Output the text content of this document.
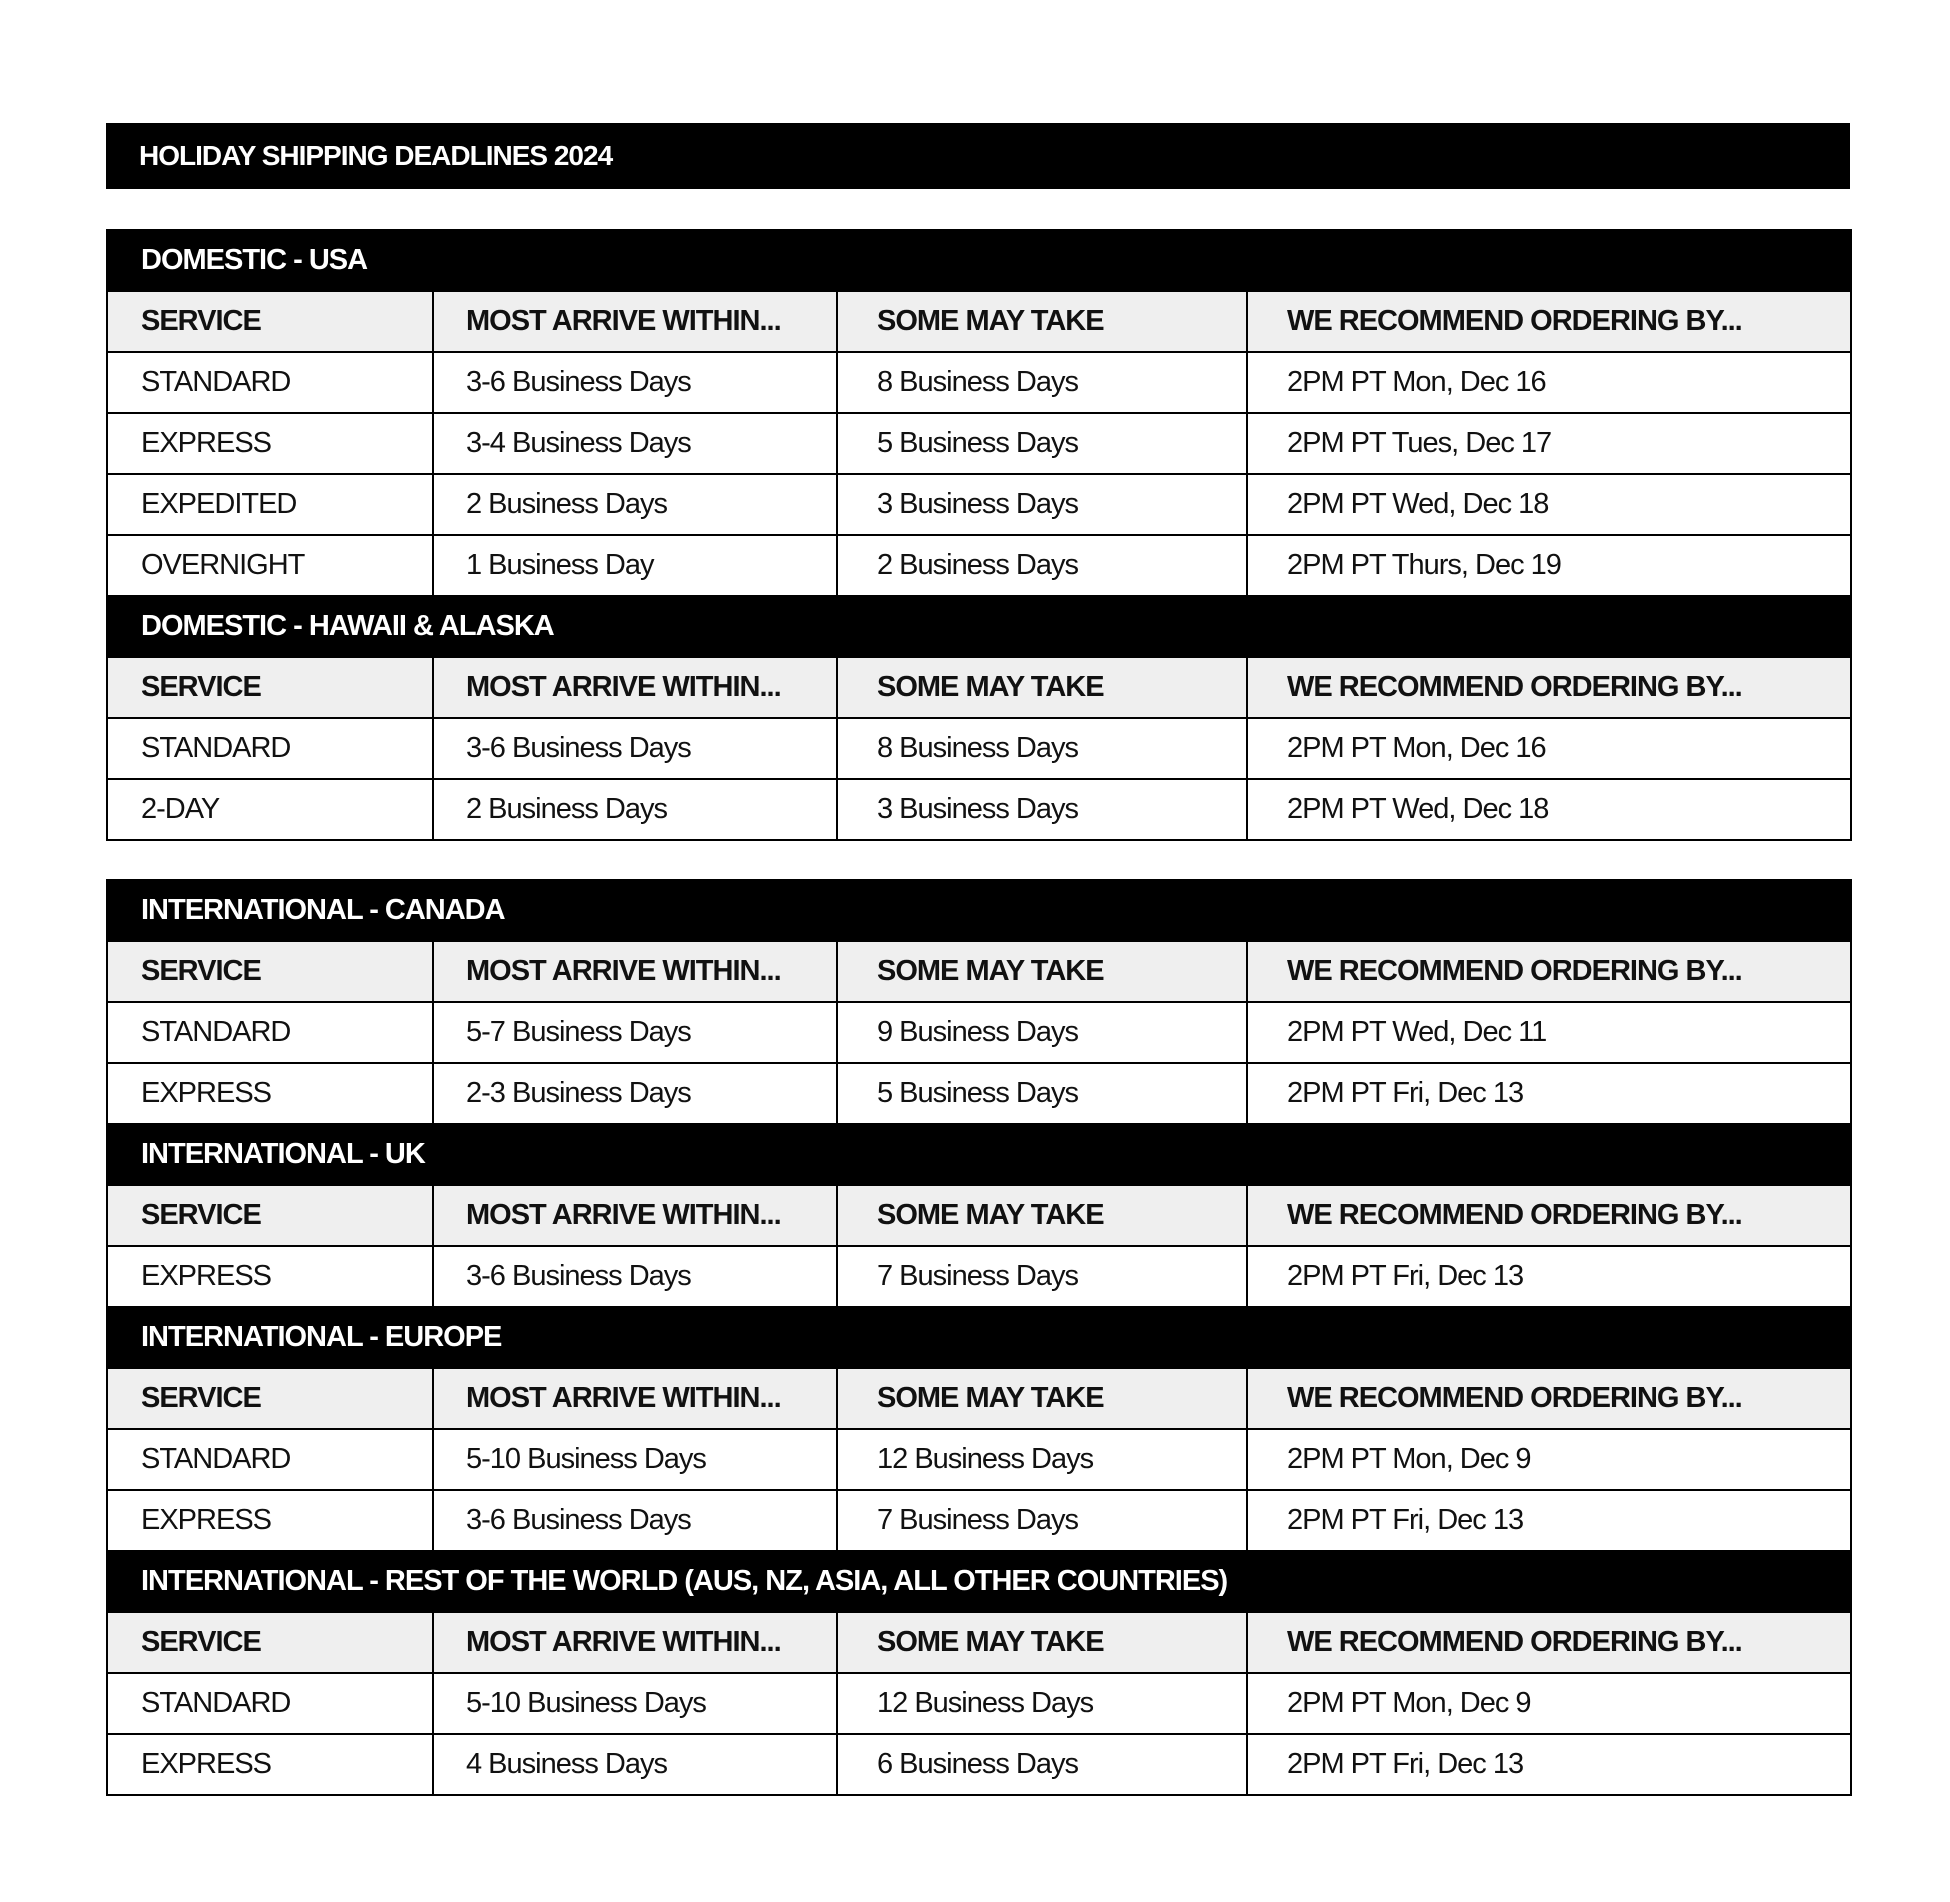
HOLIDAY SHIPPING DEADLINES 2024
DOMESTIC - USA			
SERVICE	MOST ARRIVE WITHIN...	SOME MAY TAKE	WE RECOMMEND ORDERING BY...
STANDARD	3-6 Business Days	8 Business Days	2PM PT Mon, Dec 16
EXPRESS	3-4 Business Days	5 Business Days	2PM PT Tues, Dec 17
EXPEDITED	2 Business Days	3 Business Days	2PM PT Wed, Dec 18
OVERNIGHT	1 Business Day	2 Business Days	2PM PT Thurs, Dec 19
DOMESTIC - HAWAII & ALASKA			
SERVICE	MOST ARRIVE WITHIN...	SOME MAY TAKE	WE RECOMMEND ORDERING BY...
STANDARD	3-6 Business Days	8 Business Days	2PM PT Mon, Dec 16
2-DAY	2 Business Days	3 Business Days	2PM PT Wed, Dec 18
INTERNATIONAL - CANADA			
SERVICE	MOST ARRIVE WITHIN...	SOME MAY TAKE	WE RECOMMEND ORDERING BY...
STANDARD	5-7 Business Days	9 Business Days	2PM PT Wed, Dec 11
EXPRESS	2-3 Business Days	5 Business Days	2PM PT Fri, Dec 13
INTERNATIONAL - UK			
SERVICE	MOST ARRIVE WITHIN...	SOME MAY TAKE	WE RECOMMEND ORDERING BY...
EXPRESS	3-6 Business Days	7 Business Days	2PM PT Fri, Dec 13
INTERNATIONAL - EUROPE			
SERVICE	MOST ARRIVE WITHIN...	SOME MAY TAKE	WE RECOMMEND ORDERING BY...
STANDARD	5-10 Business Days	12 Business Days	2PM PT Mon, Dec 9
EXPRESS	3-6 Business Days	7 Business Days	2PM PT Fri, Dec 13
INTERNATIONAL - REST OF THE WORLD (AUS, NZ, ASIA, ALL OTHER COUNTRIES)			
SERVICE	MOST ARRIVE WITHIN...	SOME MAY TAKE	WE RECOMMEND ORDERING BY...
STANDARD	5-10 Business Days	12 Business Days	2PM PT Mon, Dec 9
EXPRESS	4 Business Days	6 Business Days	2PM PT Fri, Dec 13
